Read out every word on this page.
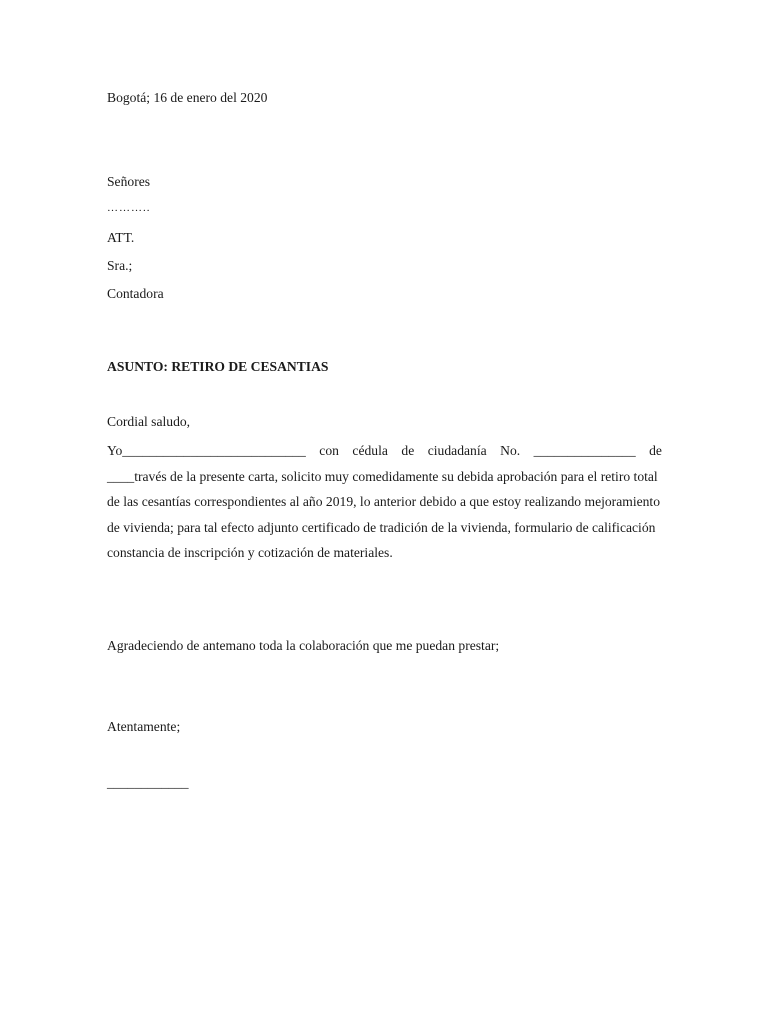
Bogotá; 16 de enero del 2020
Señores
………..
ATT.
Sra.;
Contadora
ASUNTO: RETIRO DE CESANTIAS
Cordial saludo,
Yo___________________________ con cédula de ciudadanía No. _______________ de
____través de la presente carta, solicito muy comedidamente su debida aprobación para el retiro total
de las cesantías correspondientes al año 2019, lo anterior debido a que estoy realizando mejoramiento
de vivienda; para tal efecto adjunto certificado de tradición de la vivienda, formulario de calificación
constancia de inscripción y cotización de materiales.
Agradeciendo de antemano toda la colaboración que me puedan prestar;
Atentamente;
____________
